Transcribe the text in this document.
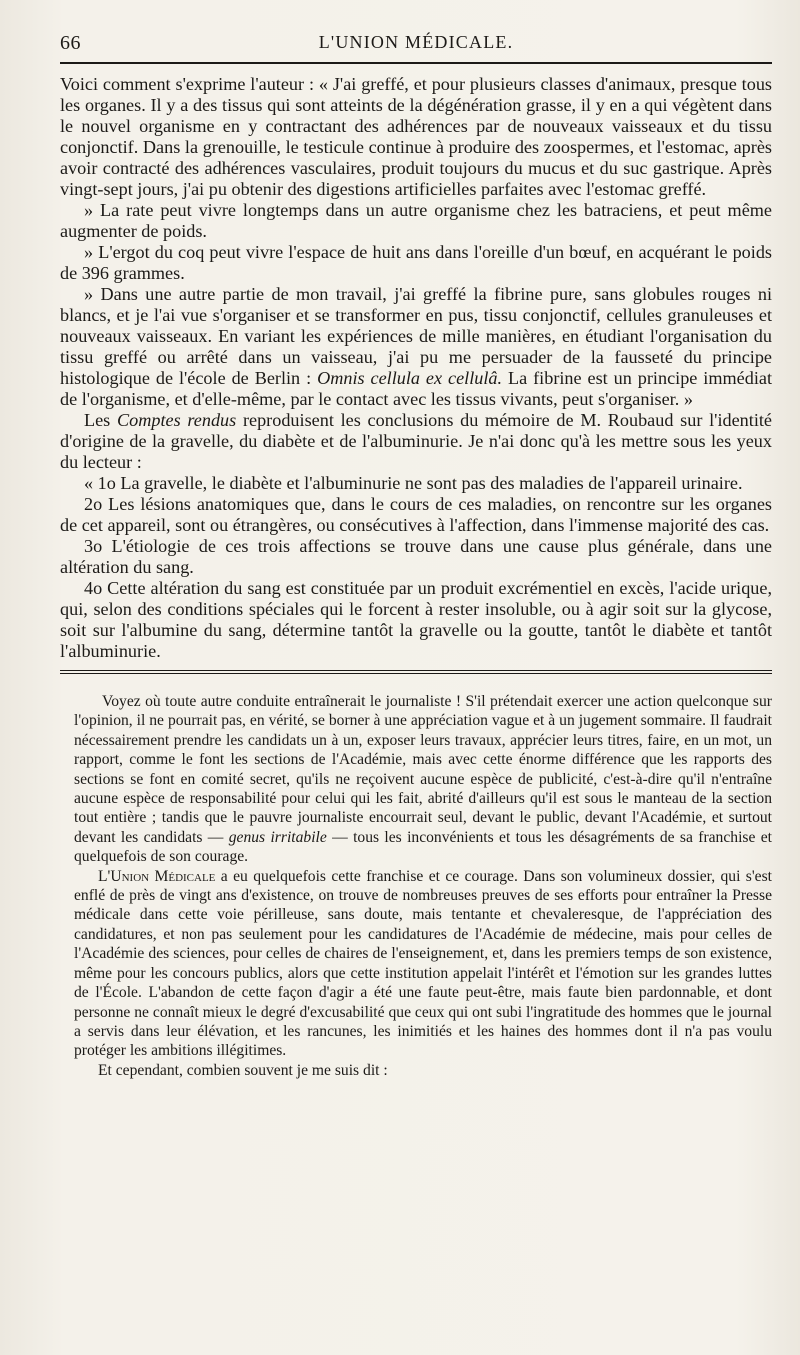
66	L'UNION MÉDICALE.

Voici comment s'exprime l'auteur : « J'ai greffé, et pour plusieurs classes d'animaux, presque tous les organes. Il y a des tissus qui sont atteints de la dégénération grasse, il y en a qui végètent dans le nouvel organisme en y contractant des adhérences par de nouveaux vaisseaux et du tissu conjonctif. Dans la grenouille, le testicule continue à produire des zoospermes, et l'estomac, après avoir contracté des adhérences vasculaires, produit toujours du mucus et du suc gastrique. Après vingt-sept jours, j'ai pu obtenir des digestions artificielles parfaites avec l'estomac greffé.

» La rate peut vivre longtemps dans un autre organisme chez les batraciens, et peut même augmenter de poids.

» L'ergot du coq peut vivre l'espace de huit ans dans l'oreille d'un bœuf, en acquérant le poids de 396 grammes.

» Dans une autre partie de mon travail, j'ai greffé la fibrine pure, sans globules rouges ni blancs, et je l'ai vue s'organiser et se transformer en pus, tissu conjonctif, cellules granuleuses et nouveaux vaisseaux. En variant les expériences de mille manières, en étudiant l'organisation du tissu greffé ou arrêté dans un vaisseau, j'ai pu me persuader de la fausseté du principe histologique de l'école de Berlin : Omnis cellula ex cellulâ. La fibrine est un principe immédiat de l'organisme, et d'elle-même, par le contact avec les tissus vivants, peut s'organiser. »

Les Comptes rendus reproduisent les conclusions du mémoire de M. Roubaud sur l'identité d'origine de la gravelle, du diabète et de l'albuminurie. Je n'ai donc qu'à les mettre sous les yeux du lecteur :

« 1o La gravelle, le diabète et l'albuminurie ne sont pas des maladies de l'appareil urinaire.

2o Les lésions anatomiques que, dans le cours de ces maladies, on rencontre sur les organes de cet appareil, sont ou étrangères, ou consécutives à l'affection, dans l'immense majorité des cas.

3o L'étiologie de ces trois affections se trouve dans une cause plus générale, dans une altération du sang.

4o Cette altération du sang est constituée par un produit excrémentiel en excès, l'acide urique, qui, selon des conditions spéciales qui le forcent à rester insoluble, ou à agir soit sur la glycose, soit sur l'albumine du sang, détermine tantôt la gravelle ou la goutte, tantôt le diabète et tantôt l'albuminurie.

Voyez où toute autre conduite entraînerait le journaliste ! S'il prétendait exercer une action quelconque sur l'opinion, il ne pourrait pas, en vérité, se borner à une appréciation vague et à un jugement sommaire. Il faudrait nécessairement prendre les candidats un à un, exposer leurs travaux, apprécier leurs titres, faire, en un mot, un rapport, comme le font les sections de l'Académie, mais avec cette énorme différence que les rapports des sections se font en comité secret, qu'ils ne reçoivent aucune espèce de publicité, c'est-à-dire qu'il n'entraîne aucune espèce de responsabilité pour celui qui les fait, abrité d'ailleurs qu'il est sous le manteau de la section tout entière ; tandis que le pauvre journaliste encourrait seul, devant le public, devant l'Académie, et surtout devant les candidats — genus irritabile — tous les inconvénients et tous les désagréments de sa franchise et quelquefois de son courage.

L'Union Médicale a eu quelquefois cette franchise et ce courage. Dans son volumineux dossier, qui s'est enflé de près de vingt ans d'existence, on trouve de nombreuses preuves de ses efforts pour entraîner la Presse médicale dans cette voie périlleuse, sans doute, mais tentante et chevaleresque, de l'appréciation des candidatures, et non pas seulement pour les candidatures de l'Académie de médecine, mais pour celles de l'Académie des sciences, pour celles de chaires de l'enseignement, et, dans les premiers temps de son existence, même pour les concours publics, alors que cette institution appelait l'intérêt et l'émotion sur les grandes luttes de l'École. L'abandon de cette façon d'agir a été une faute peut-être, mais faute bien pardonnable, et dont personne ne connaît mieux le degré d'excusabilité que ceux qui ont subi l'ingratitude des hommes que le journal a servis dans leur élévation, et les rancunes, les inimitiés et les haines des hommes dont il n'a pas voulu protéger les ambitions illégitimes.

Et cependant, combien souvent je me suis dit :
